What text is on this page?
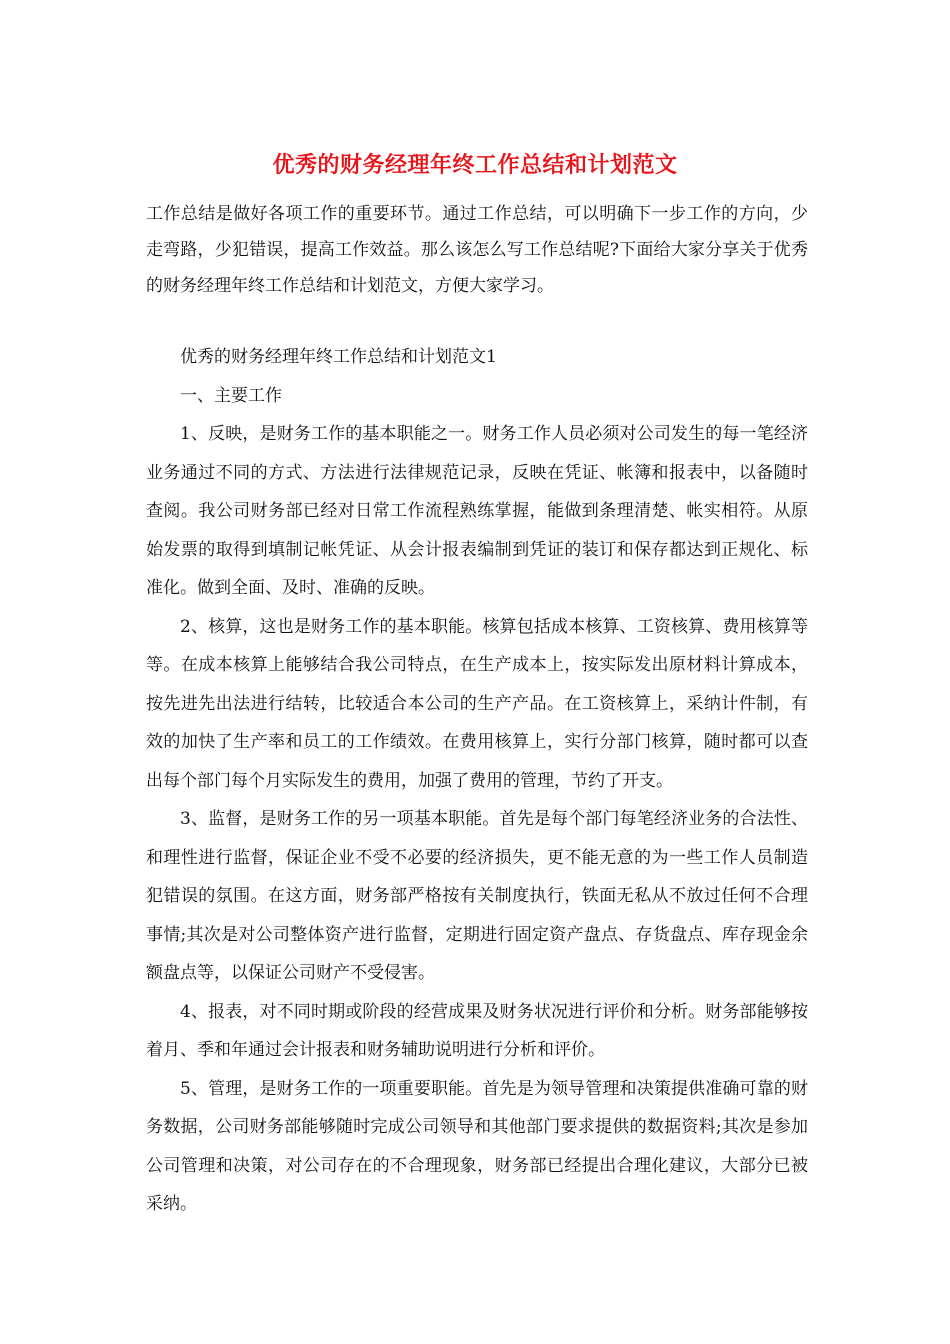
优秀的财务经理年终工作总结和计划范文

工作总结是做好各项工作的重要环节。通过工作总结，可以明确下一步工作的方向，少走弯路，少犯错误，提高工作效益。那么该怎么写工作总结呢?下面给大家分享关于优秀的财务经理年终工作总结和计划范文，方便大家学习。

优秀的财务经理年终工作总结和计划范文1

一、主要工作

1、反映，是财务工作的基本职能之一。财务工作人员必须对公司发生的每一笔经济业务通过不同的方式、方法进行法律规范记录，反映在凭证、帐簿和报表中，以备随时查阅。我公司财务部已经对日常工作流程熟练掌握，能做到条理清楚、帐实相符。从原始发票的取得到填制记帐凭证、从会计报表编制到凭证的装订和保存都达到正规化、标准化。做到全面、及时、准确的反映。

2、核算，这也是财务工作的基本职能。核算包括成本核算、工资核算、费用核算等等。在成本核算上能够结合我公司特点，在生产成本上，按实际发出原材料计算成本，按先进先出法进行结转，比较适合本公司的生产产品。在工资核算上，采纳计件制，有效的加快了生产率和员工的工作绩效。在费用核算上，实行分部门核算，随时都可以查出每个部门每个月实际发生的费用，加强了费用的管理，节约了开支。

3、监督，是财务工作的另一项基本职能。首先是每个部门每笔经济业务的合法性、和理性进行监督，保证企业不受不必要的经济损失，更不能无意的为一些工作人员制造犯错误的氛围。在这方面，财务部严格按有关制度执行，铁面无私从不放过任何不合理事情;其次是对公司整体资产进行监督，定期进行固定资产盘点、存货盘点、库存现金余额盘点等，以保证公司财产不受侵害。

4、报表，对不同时期或阶段的经营成果及财务状况进行评价和分析。财务部能够按着月、季和年通过会计报表和财务辅助说明进行分析和评价。

5、管理，是财务工作的一项重要职能。首先是为领导管理和决策提供准确可靠的财务数据，公司财务部能够随时完成公司领导和其他部门要求提供的数据资料;其次是参加公司管理和决策，对公司存在的不合理现象，财务部已经提出合理化建议，大部分已被采纳。
